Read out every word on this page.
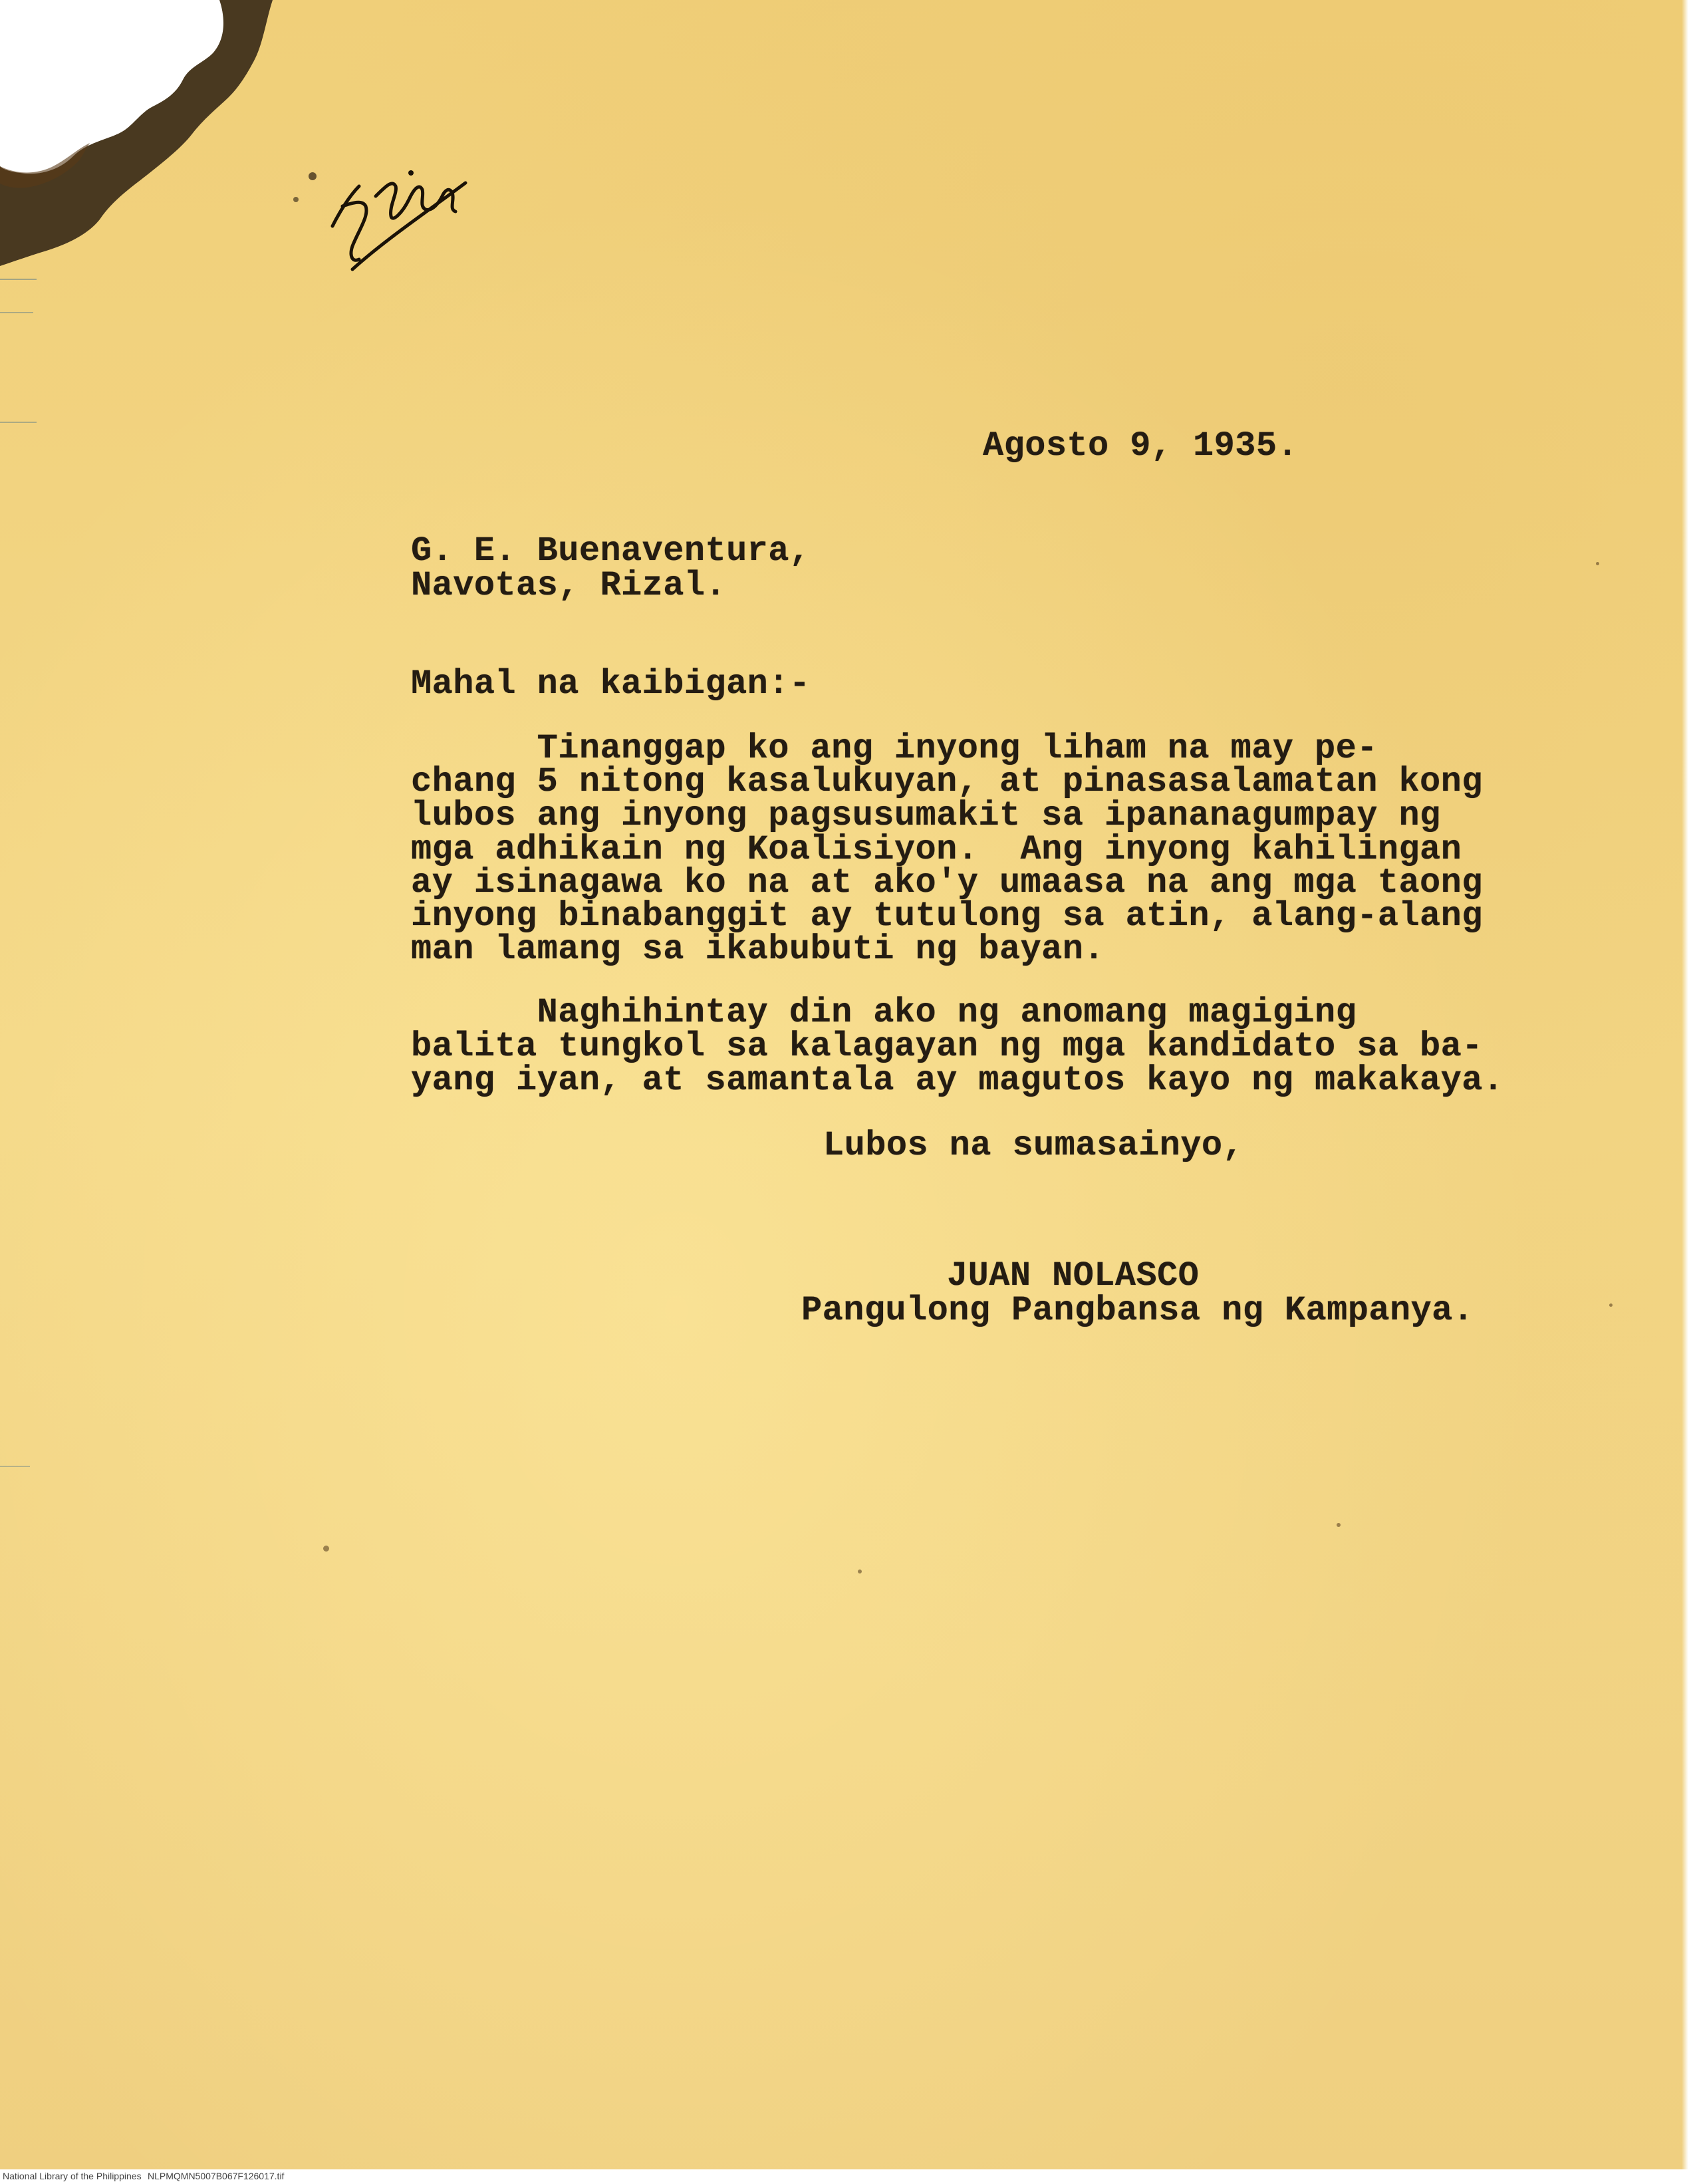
Agosto 9, 1935.
G. E. Buenaventura,
Navotas, Rizal.
Mahal na kaibigan:-
Tinanggap ko ang inyong liham na may pe-
chang 5 nitong kasalukuyan, at pinasasalamatan kong
lubos ang inyong pagsusumakit sa ipananagumpay ng
mga adhikain ng Koalisiyon.  Ang inyong kahilingan
ay isinagawa ko na at ako'y umaasa na ang mga taong
inyong binabanggit ay tutulong sa atin, alang-alang
man lamang sa ikabubuti ng bayan.
Naghihintay din ako ng anomang magiging
balita tungkol sa kalagayan ng mga kandidato sa ba-
yang iyan, at samantala ay magutos kayo ng makakaya.
Lubos na sumasainyo,
JUAN NOLASCO
Pangulong Pangbansa ng Kampanya.
National Library of the Philippines NLPMQMN5007B067F126017.tif
